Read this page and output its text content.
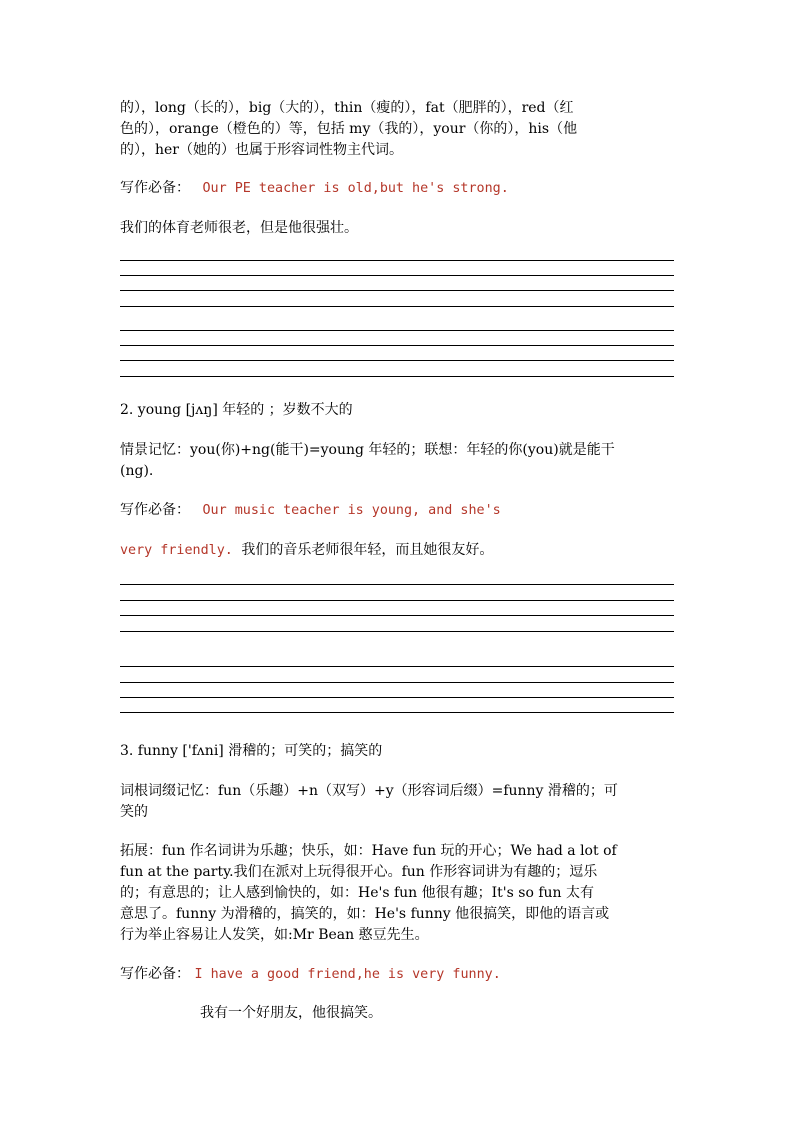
的），long（长的），big（大的），thin（瘦的），fat（肥胖的），red（红
色的），orange（橙色的）等，包括 my（我的），your（你的），his（他
的），her（她的）也属于形容词性物主代词。
写作必备： Our PE teacher is old,but he's strong.
我们的体育老师很老，但是他很强壮。
2. young [jʌŋ] 年轻的 ；岁数不大的
情景记忆：you(你)+ng(能干)=young 年轻的；联想：年轻的你(you)就是能干
(ng).
写作必备： Our music teacher is young, and she's
very friendly. 我们的音乐老师很年轻，而且她很友好。
3. funny ['fʌni] 滑稽的；可笑的；搞笑的
词根词缀记忆：fun（乐趣）+n（双写）+y（形容词后缀）=funny 滑稽的；可
笑的
拓展：fun 作名词讲为乐趣；快乐，如：Have fun 玩的开心；We had a lot of
fun at the party.我们在派对上玩得很开心。fun 作形容词讲为有趣的；逗乐
的；有意思的；让人感到愉快的，如：He's fun 他很有趣；It's so fun 太有
意思了。funny 为滑稽的，搞笑的，如：He's funny 他很搞笑，即他的语言或
行为举止容易让人发笑，如:Mr Bean 憨豆先生。
写作必备： I have a good friend,he is very funny.
我有一个好朋友，他很搞笑。
